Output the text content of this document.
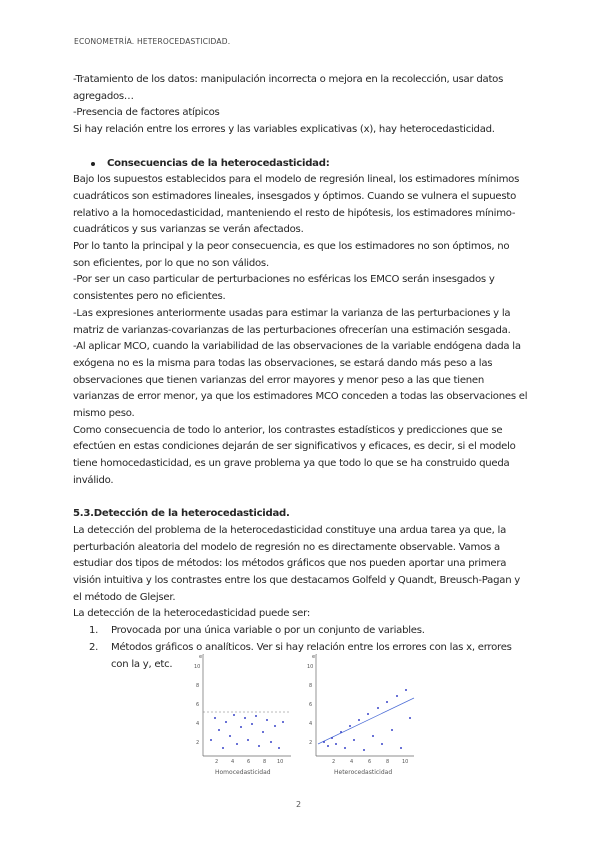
ECONOMETRÍA. HETEROCEDASTICIDAD.

-Tratamiento de los datos: manipulación incorrecta o mejora en la recolección, usar datos agregados…

-Presencia de factores atípicos

Si hay relación entre los errores y las variables explicativas (x), hay heterocedasticidad.

Consecuencias de la heterocedasticidad:

Bajo los supuestos establecidos para el modelo de regresión lineal, los estimadores mínimos cuadráticos son estimadores lineales, insesgados y óptimos. Cuando se vulnera el supuesto relativo a la homocedasticidad, manteniendo el resto de hipótesis, los estimadores mínimo-cuadráticos y sus varianzas se verán afectados.

Por lo tanto la principal y la peor consecuencia, es que los estimadores no son óptimos, no son eficientes, por lo que no son válidos.

-Por ser un caso particular de perturbaciones no esféricas los EMCO serán insesgados y consistentes pero no eficientes.

-Las expresiones anteriormente usadas para estimar la varianza de las perturbaciones y la matriz de varianzas-covarianzas de las perturbaciones ofrecerían una estimación sesgada.

-Al aplicar MCO, cuando la variabilidad de las observaciones de la variable endógena dada la exógena no es la misma para todas las observaciones, se estará dando más peso a las observaciones que tienen varianzas del error mayores y menor peso a las que tienen varianzas de error menor, ya que los estimadores MCO conceden a todas las observaciones el mismo peso.

Como consecuencia de todo lo anterior, los contrastes estadísticos y predicciones que se efectúen en estas condiciones dejarán de ser significativos y eficaces, es decir, si el modelo tiene homocedasticidad, es un grave problema ya que todo lo que se ha construido queda inválido.

5.3.Detección de la heterocedasticidad.

La detección del problema de la heterocedasticidad constituye una ardua tarea ya que, la perturbación aleatoria del modelo de regresión no es directamente observable. Vamos a estudiar dos tipos de métodos: los métodos gráficos que nos pueden aportar una primera visión intuitiva y los contrastes entre los que destacamos Golfeld y Quandt, Breusch-Pagan y el método de Glejser.

La detección de la heterocedasticidad puede ser:

1.	Provocada por una única variable o por un conjunto de variables.
2.	Métodos gráficos o analíticos. Ver si hay relación entre los errores con las x, errores con la y, etc.
e²
10
8
6
4
2
2	4	6	8 10
Homocedasticidad
e²
10
8
6
4
2
2	4	6	8	10
Heterocedasticidad
2
